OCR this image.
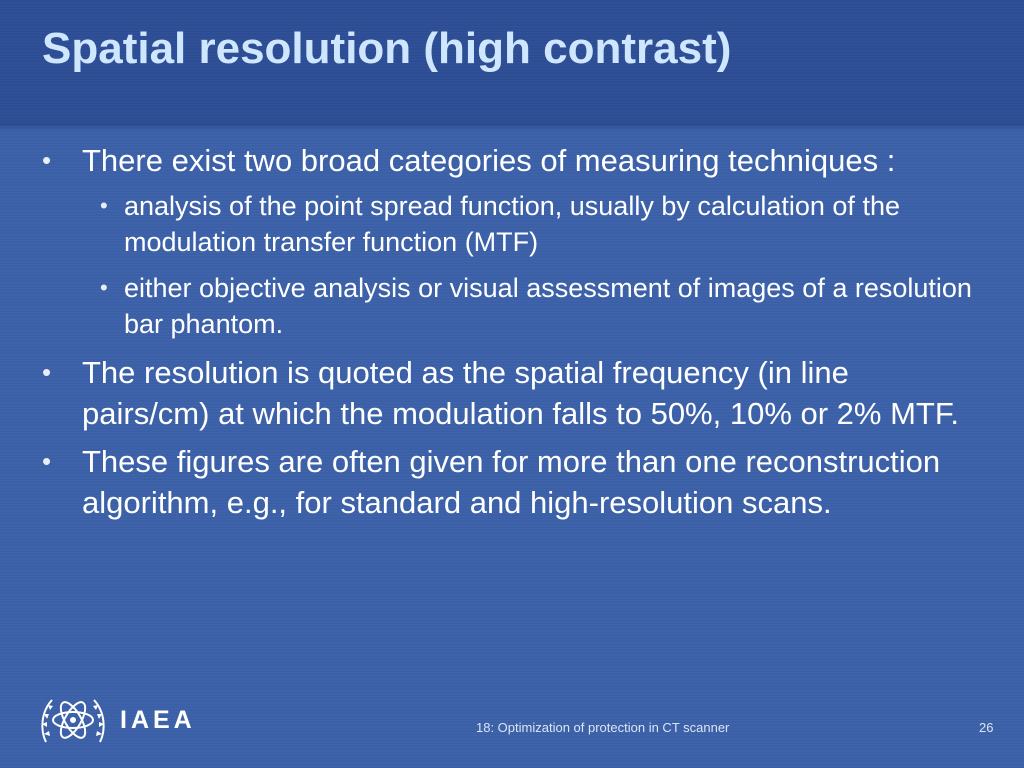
Spatial resolution (high contrast)
• There exist two broad categories of measuring techniques :
• analysis of the point spread function, usually by calculation of the modulation transfer function (MTF)
• either objective analysis or visual assessment of images of a resolution bar phantom.
• The resolution is quoted as the spatial frequency (in line pairs/cm) at which the modulation falls to 50%, 10% or 2% MTF.
• These figures are often given for more than one reconstruction algorithm, e.g., for standard and high-resolution scans.
IAEA	18: Optimization of protection in CT scanner	26
